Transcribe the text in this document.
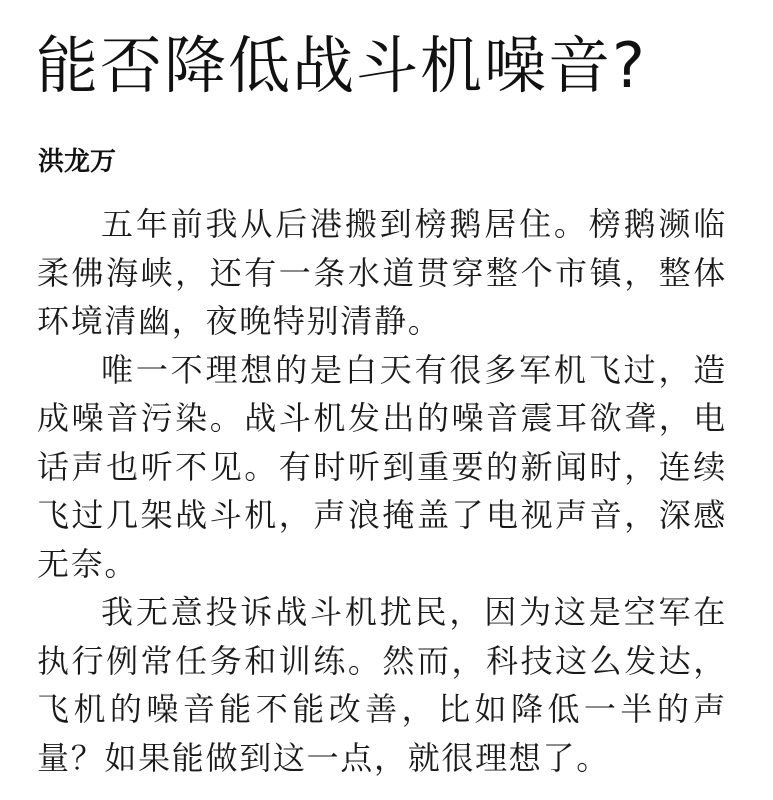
能否降低战斗机噪音?
洪龙万

五年前我从后港搬到榜鹅居住。榜鹅濒临柔佛海峡，还有一条水道贯穿整个市镇，整体环境清幽，夜晚特别清静。

唯一不理想的是白天有很多军机飞过，造成噪音污染。战斗机发出的噪音震耳欲聋，电话声也听不见。有时听到重要的新闻时，连续飞过几架战斗机，声浪掩盖了电视声音，深感无奈。

我无意投诉战斗机扰民，因为这是空军在执行例常任务和训练。然而，科技这么发达，飞机的噪音能不能改善，比如降低一半的声量？如果能做到这一点，就很理想了。
